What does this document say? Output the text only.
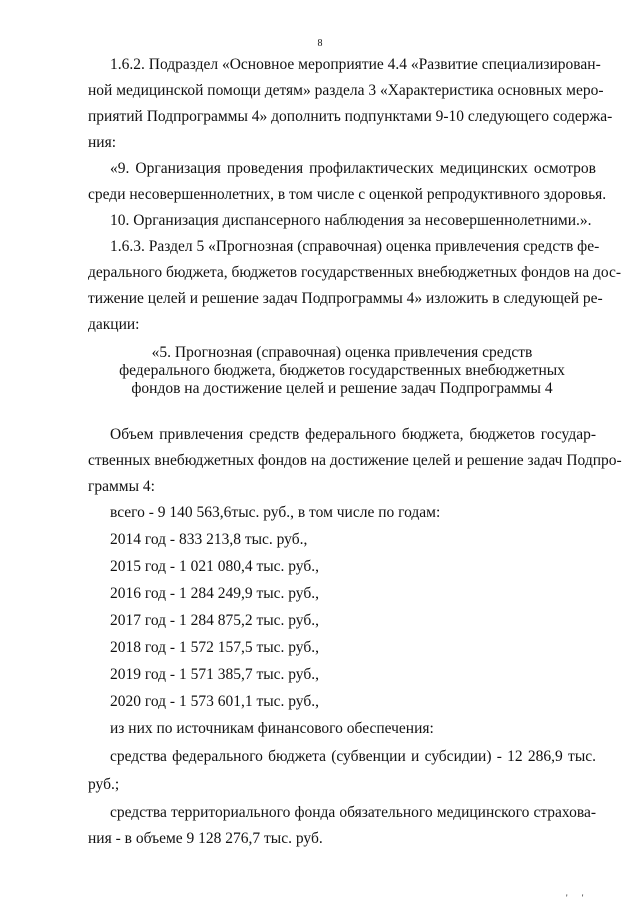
8
1.6.2. Подраздел «Основное мероприятие 4.4 «Развитие специализирован-
ной медицинской помощи детям» раздела 3 «Характеристика основных меро-
приятий Подпрограммы 4» дополнить подпунктами 9-10 следующего содержа-
ния:
«9. Организация проведения профилактических медицинских осмотров
среди несовершеннолетних, в том числе с оценкой репродуктивного здоровья.
10. Организация диспансерного наблюдения за несовершеннолетними.».
1.6.3. Раздел 5 «Прогнозная (справочная) оценка привлечения средств фе-
дерального бюджета, бюджетов государственных внебюджетных фондов на дос-
тижение целей и решение задач Подпрограммы 4» изложить в следующей ре-
дакции:
«5. Прогнозная (справочная) оценка привлечения средств
федерального бюджета, бюджетов государственных внебюджетных
фондов на достижение целей и решение задач Подпрограммы 4
Объем привлечения средств федерального бюджета, бюджетов государ-
ственных внебюджетных фондов на достижение целей и решение задач Подпро-
граммы 4:
всего - 9 140 563,6тыс. руб., в том числе по годам:
2014 год - 833 213,8 тыс. руб.,
2015 год - 1 021 080,4 тыс. руб.,
2016 год - 1 284 249,9 тыс. руб.,
2017 год - 1 284 875,2 тыс. руб.,
2018 год - 1 572 157,5 тыс. руб.,
2019 год - 1 571 385,7 тыс. руб.,
2020 год - 1 573 601,1 тыс. руб.,
из них по источникам финансового обеспечения:
средства федерального бюджета (субвенции и субсидии) - 12 286,9 тыс.
руб.;
средства территориального фонда обязательного медицинского страхова-
ния - в объеме 9 128 276,7 тыс. руб.
' '
